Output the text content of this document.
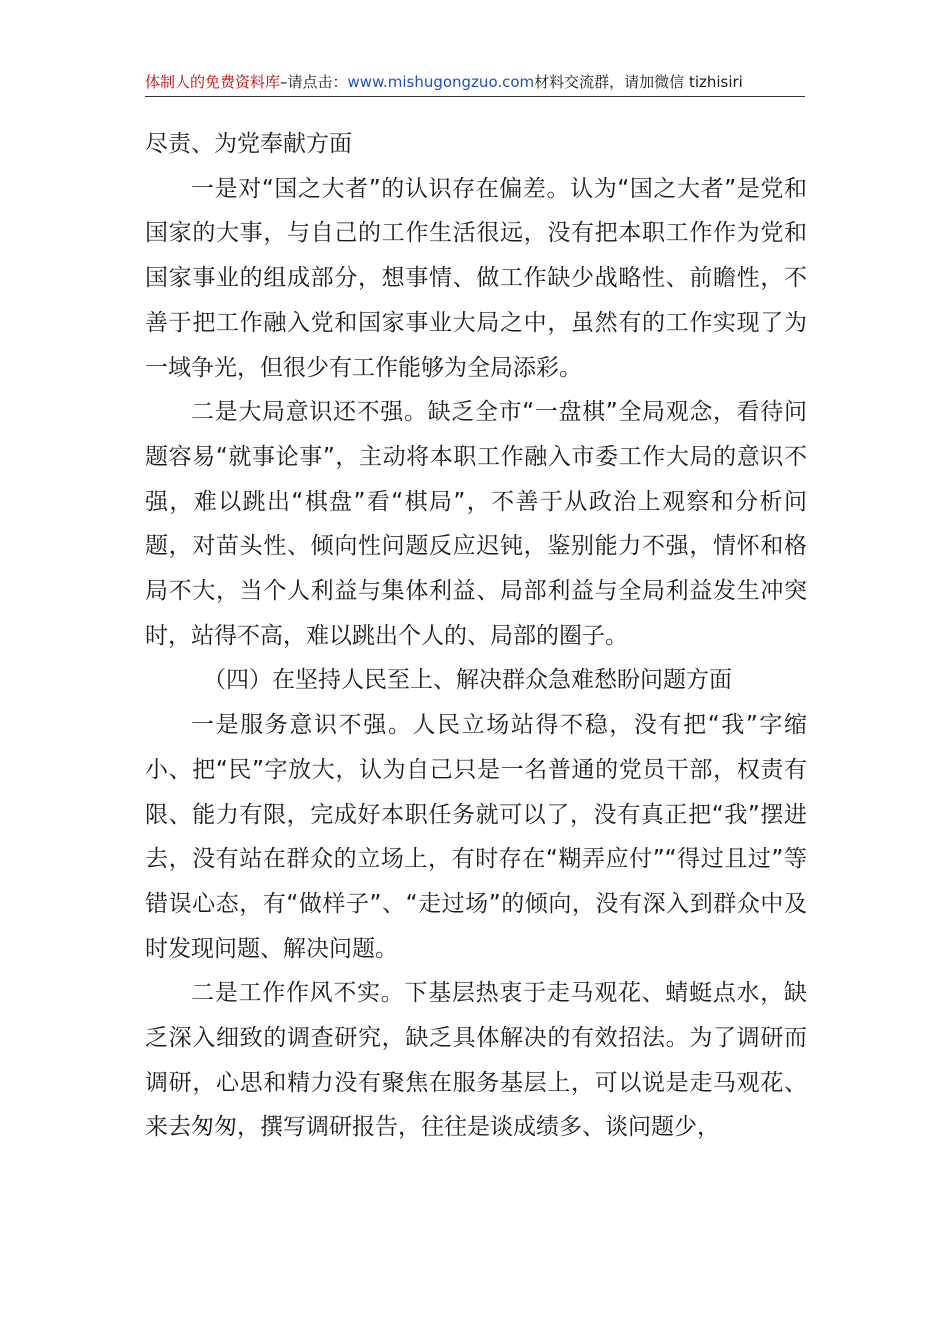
体制人的免费资料库–请点击：www.mishugongzuo.com材料交流群，请加微信 tizhisiri

尽责、为党奉献方面

一是对“国之大者”的认识存在偏差。认为“国之大者”是党和国家的大事，与自己的工作生活很远，没有把本职工作作为党和国家事业的组成部分，想事情、做工作缺少战略性、前瞻性，不善于把工作融入党和国家事业大局之中，虽然有的工作实现了为一域争光，但很少有工作能够为全局添彩。

二是大局意识还不强。缺乏全市“一盘棋”全局观念，看待问题容易“就事论事”，主动将本职工作融入市委工作大局的意识不强，难以跳出“棋盘”看“棋局”，不善于从政治上观察和分析问题，对苗头性、倾向性问题反应迟钝，鉴别能力不强，情怀和格局不大，当个人利益与集体利益、局部利益与全局利益发生冲突时，站得不高，难以跳出个人的、局部的圈子。

（四）在坚持人民至上、解决群众急难愁盼问题方面

一是服务意识不强。人民立场站得不稳，没有把“我”字缩小、把“民”字放大，认为自己只是一名普通的党员干部，权责有限、能力有限，完成好本职任务就可以了，没有真正把“我”摆进去，没有站在群众的立场上，有时存在“糊弄应付”“得过且过”等错误心态，有“做样子”、“走过场”的倾向，没有深入到群众中及时发现问题、解决问题。

二是工作作风不实。下基层热衷于走马观花、蜻蜓点水，缺乏深入细致的调查研究，缺乏具体解决的有效招法。为了调研而调研，心思和精力没有聚焦在服务基层上，可以说是走马观花、来去匆匆，撰写调研报告，往往是谈成绩多、谈问题少，
